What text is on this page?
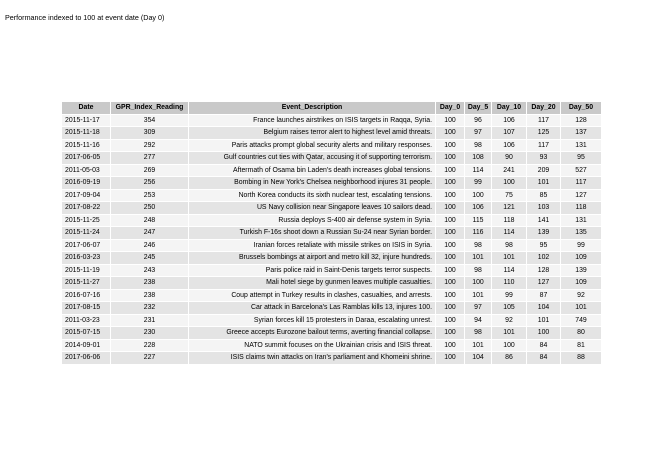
Performance indexed to 100 at event date (Day 0)
Date	GPR_Index_Reading	Event_Description	Day_0	Day_5	Day_10	Day_20	Day_50
2015-11-17	354	France launches airstrikes on ISIS targets in Raqqa, Syria.	100	96	106	117	128
2015-11-18	309	Belgium raises terror alert to highest level amid threats.	100	97	107	125	137
2015-11-16	292	Paris attacks prompt global security alerts and military responses.	100	98	106	117	131
2017-06-05	277	Gulf countries cut ties with Qatar, accusing it of supporting terrorism.	100	108	90	93	95
2011-05-03	269	Aftermath of Osama bin Laden's death increases global tensions.	100	114	241	209	527
2016-09-19	256	Bombing in New York's Chelsea neighborhood injures 31 people.	100	99	100	101	117
2017-09-04	253	North Korea conducts its sixth nuclear test, escalating tensions.	100	100	75	85	127
2017-08-22	250	US Navy collision near Singapore leaves 10 sailors dead.	100	106	121	103	118
2015-11-25	248	Russia deploys S-400 air defense system in Syria.	100	115	118	141	131
2015-11-24	247	Turkish F-16s shoot down a Russian Su-24 near Syrian border.	100	116	114	139	135
2017-06-07	246	Iranian forces retaliate with missile strikes on ISIS in Syria.	100	98	98	95	99
2016-03-23	245	Brussels bombings at airport and metro kill 32, injure hundreds.	100	101	101	102	109
2015-11-19	243	Paris police raid in Saint-Denis targets terror suspects.	100	98	114	128	139
2015-11-27	238	Mali hotel siege by gunmen leaves multiple casualties.	100	100	110	127	109
2016-07-16	238	Coup attempt in Turkey results in clashes, casualties, and arrests.	100	101	99	87	92
2017-08-15	232	Car attack in Barcelona's Las Ramblas kills 13, injures 100.	100	97	105	104	101
2011-03-23	231	Syrian forces kill 15 protesters in Daraa, escalating unrest.	100	94	92	101	749
2015-07-15	230	Greece accepts Eurozone bailout terms, averting financial collapse.	100	98	101	100	80
2014-09-01	228	NATO summit focuses on the Ukrainian crisis and ISIS threat.	100	101	100	84	81
2017-06-06	227	ISIS claims twin attacks on Iran's parliament and Khomeini shrine.	100	104	86	84	88
